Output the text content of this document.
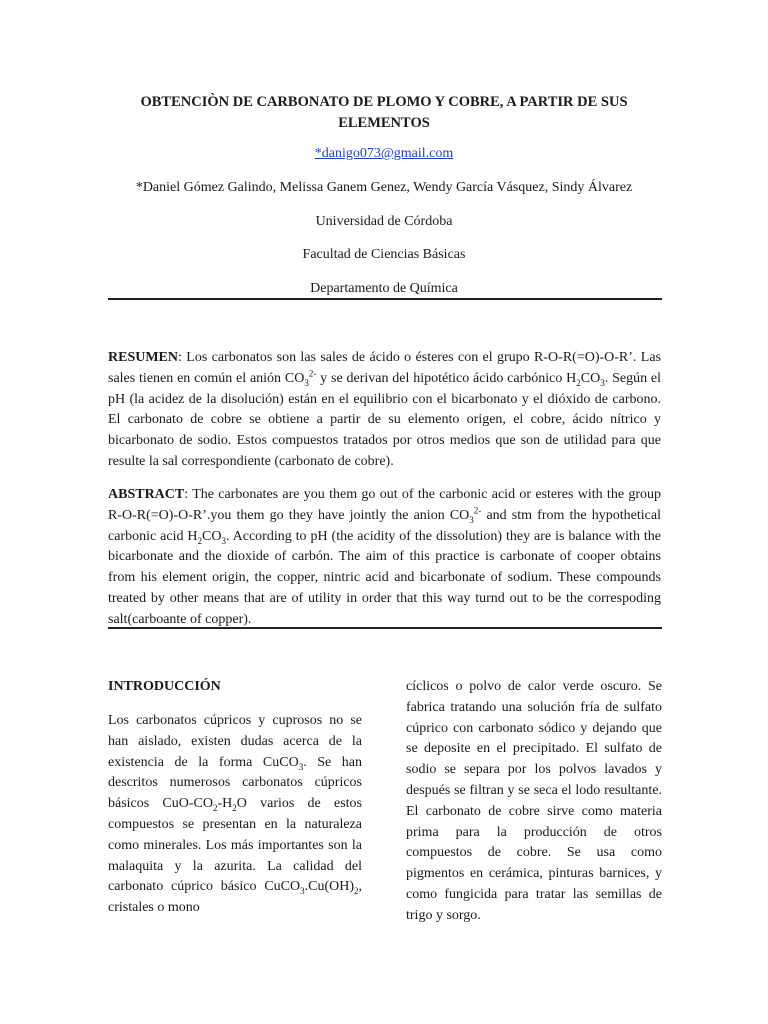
OBTENCIÒN DE CARBONATO DE PLOMO Y COBRE, A PARTIR DE SUS ELEMENTOS
*danigo073@gmail.com
*Daniel Gómez Galindo, Melissa Ganem Genez, Wendy García Vásquez, Sindy Álvarez
Universidad de Córdoba
Facultad de Ciencias Básicas
Departamento de Química
RESUMEN: Los carbonatos son las sales de ácido o ésteres con el grupo R-O-R(=O)-O-R’. Las sales tienen en común el anión $CO_3^{2-}$ y se derivan del hipotético ácido carbónico $H_2CO_3$. Según el pH (la acidez de la disolución) están en el equilibrio con el bicarbonato y el dióxido de carbono. El carbonato de cobre se obtiene a partir de su elemento origen, el cobre, ácido nítrico y bicarbonato de sodio. Estos compuestos tratados por otros medios que son de utilidad para que resulte la sal correspondiente (carbonato de cobre).
ABSTRACT: The carbonates are you them go out of the carbonic acid or esteres with the group R-O-R(=O)-O-R’.you them go they have jointly the anion $CO_3^{2-}$ and stm from the hypothetical carbonic acid $H_2CO_3$. According to pH (the acidity of the dissolution) they are is balance with the bicarbonate and the dioxide of carbón. The aim of this practice is carbonate of cooper obtains from his element origin, the copper, nintric acid and bicarbonate of sodium. These compounds treated by other means that are of utility in order that this way turnd out to be the correspoding salt(carboante of copper).
INTRODUCCIÓN
Los carbonatos cúpricos y cuprosos no se han aislado, existen dudas acerca de la existencia de la forma CuCO$_3$. Se han descritos numerosos carbonatos cúpricos básicos CuO-$CO_2-H_2O$ varios de estos compuestos se presentan en la naturaleza como minerales. Los más importantes son la malaquita y la azurita. La calidad del carbonato cúprico básico $CuCO_3.Cu(OH)_2$, cristales o mono
cíclicos o polvo de calor verde oscuro. Se fabrica tratando una solución fría de sulfato cúprico con carbonato sódico y dejando que se deposite en el precipitado. El sulfato de sodio se separa por los polvos lavados y después se filtran y se seca el lodo resultante. El carbonato de cobre sirve como materia prima para la producción de otros compuestos de cobre. Se usa como pigmentos en cerámica, pinturas barnices, y como fungicida para tratar las semillas de trigo y sorgo.
